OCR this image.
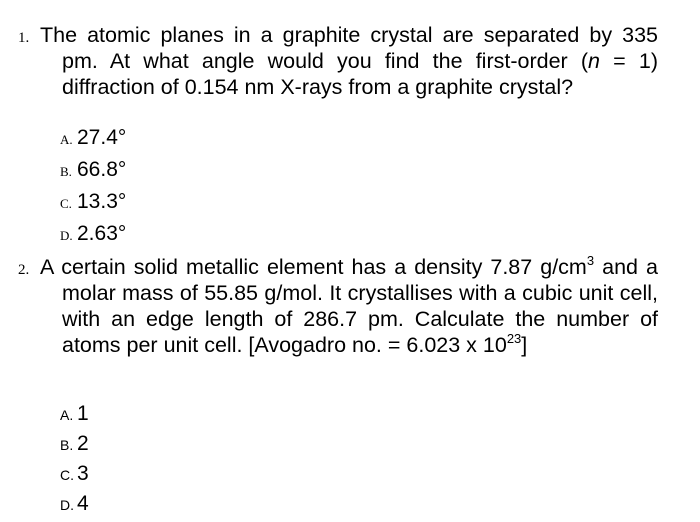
1. The atomic planes in a graphite crystal are separated by 335 pm. At what angle would you find the first-order (n = 1) diffraction of 0.154 nm X-rays from a graphite crystal?
A. 27.4°
B. 66.8°
C. 13.3°
D. 2.63°
2. A certain solid metallic element has a density 7.87 $g/cm^3$ and a molar mass of 55.85 g/mol. It crystallises with a cubic unit cell, with an edge length of 286.7 pm. Calculate the number of atoms per unit cell. [Avogadro no. = 6.023 x $10^{23}$]
A. 1
B. 2
C. 3
D. 4
